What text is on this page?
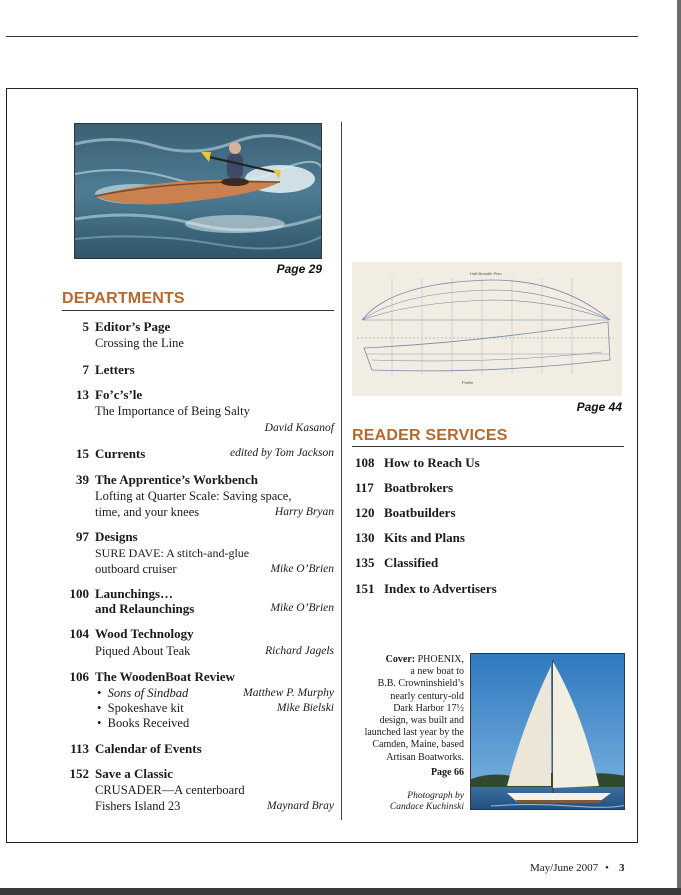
Page 29
DEPARTMENTS
5 Editor’s Page
Crossing the Line
7 Letters
13 Fo’c’s’le
The Importance of Being Salty
David Kasanof
15 Currents	edited by Tom Jackson
39 The Apprentice’s Workbench
Lofting at Quarter Scale: Saving space,
time, and your knees	Harry Bryan
97 Designs
SURE DAVE: A stitch-and-glue
outboard cruiser	Mike O’Brien
100 Launchings…
and Relaunchings	Mike O’Brien
104 Wood Technology
Piqued About Teak	Richard Jagels
106 The WoodenBoat Review
•  Sons of Sindbad	Matthew P. Murphy
•  Spokeshave kit	Mike Bielski
•  Books Received
113 Calendar of Events
152 Save a Classic
CRUSADER—A centerboard
Fishers Island 23	Maynard Bray
Half-Breadth Plan
Profile
Page 44
READER SERVICES
108 How to Reach Us
117 Boatbrokers
120 Boatbuilders
130 Kits and Plans
135 Classified
151 Index to Advertisers
Cover: PHOENIX,
a new boat to
B.B. Crowninshield’s
nearly century-old
Dark Harbor 17½
design, was built and
launched last year by the
Camden, Maine, based
Artisan Boatworks.
Page 66
Photograph by
Candace Kuchinski
May/June 2007 • 3
